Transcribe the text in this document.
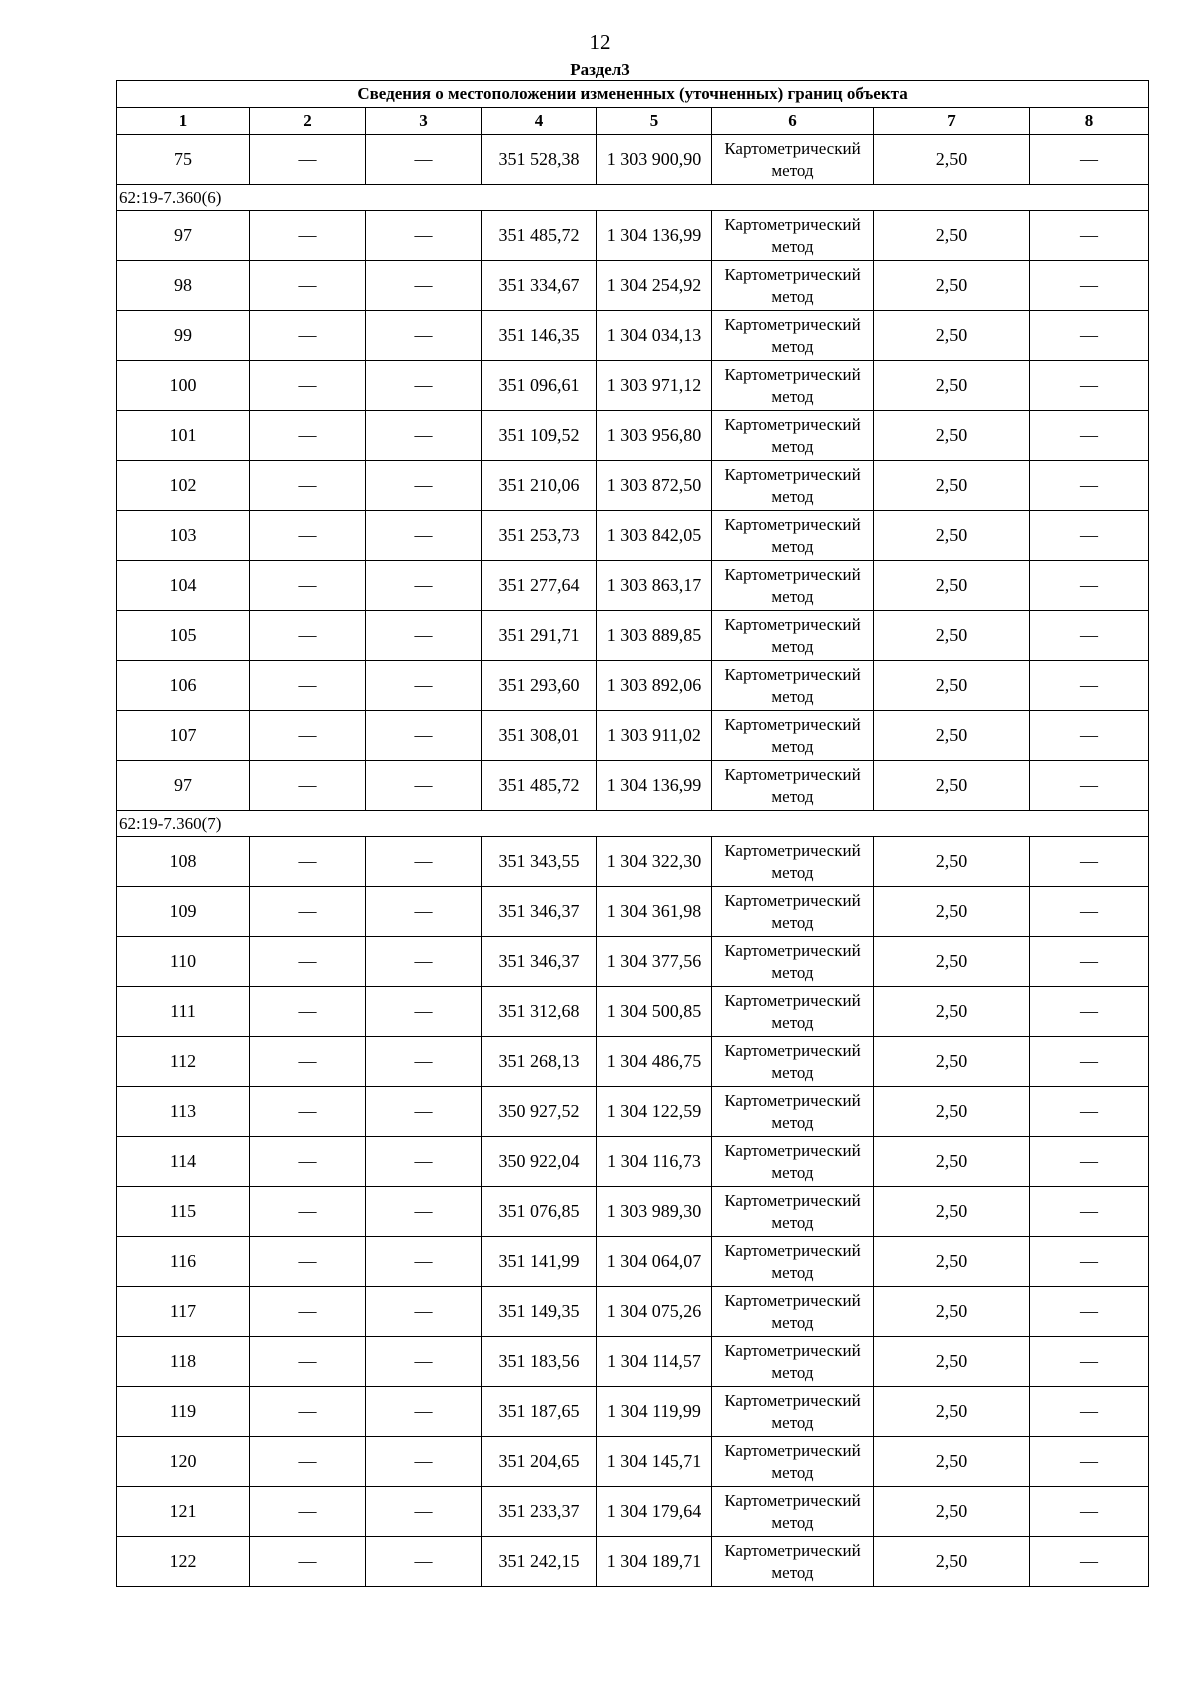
12
Раздел3
Сведения о местоположении измененных (уточненных) границ объекта							
1	2	3	4	5	6	7	8
75	—	—	351 528,38	1 303 900,90	Картометрический метод	2,50	—
62:19-7.360(6)							
97	—	—	351 485,72	1 304 136,99	Картометрический метод	2,50	—
98	—	—	351 334,67	1 304 254,92	Картометрический метод	2,50	—
99	—	—	351 146,35	1 304 034,13	Картометрический метод	2,50	—
100	—	—	351 096,61	1 303 971,12	Картометрический метод	2,50	—
101	—	—	351 109,52	1 303 956,80	Картометрический метод	2,50	—
102	—	—	351 210,06	1 303 872,50	Картометрический метод	2,50	—
103	—	—	351 253,73	1 303 842,05	Картометрический метод	2,50	—
104	—	—	351 277,64	1 303 863,17	Картометрический метод	2,50	—
105	—	—	351 291,71	1 303 889,85	Картометрический метод	2,50	—
106	—	—	351 293,60	1 303 892,06	Картометрический метод	2,50	—
107	—	—	351 308,01	1 303 911,02	Картометрический метод	2,50	—
97	—	—	351 485,72	1 304 136,99	Картометрический метод	2,50	—
62:19-7.360(7)							
108	—	—	351 343,55	1 304 322,30	Картометрический метод	2,50	—
109	—	—	351 346,37	1 304 361,98	Картометрический метод	2,50	—
110	—	—	351 346,37	1 304 377,56	Картометрический метод	2,50	—
111	—	—	351 312,68	1 304 500,85	Картометрический метод	2,50	—
112	—	—	351 268,13	1 304 486,75	Картометрический метод	2,50	—
113	—	—	350 927,52	1 304 122,59	Картометрический метод	2,50	—
114	—	—	350 922,04	1 304 116,73	Картометрический метод	2,50	—
115	—	—	351 076,85	1 303 989,30	Картометрический метод	2,50	—
116	—	—	351 141,99	1 304 064,07	Картометрический метод	2,50	—
117	—	—	351 149,35	1 304 075,26	Картометрический метод	2,50	—
118	—	—	351 183,56	1 304 114,57	Картометрический метод	2,50	—
119	—	—	351 187,65	1 304 119,99	Картометрический метод	2,50	—
120	—	—	351 204,65	1 304 145,71	Картометрический метод	2,50	—
121	—	—	351 233,37	1 304 179,64	Картометрический метод	2,50	—
122	—	—	351 242,15	1 304 189,71	Картометрический метод	2,50	—
